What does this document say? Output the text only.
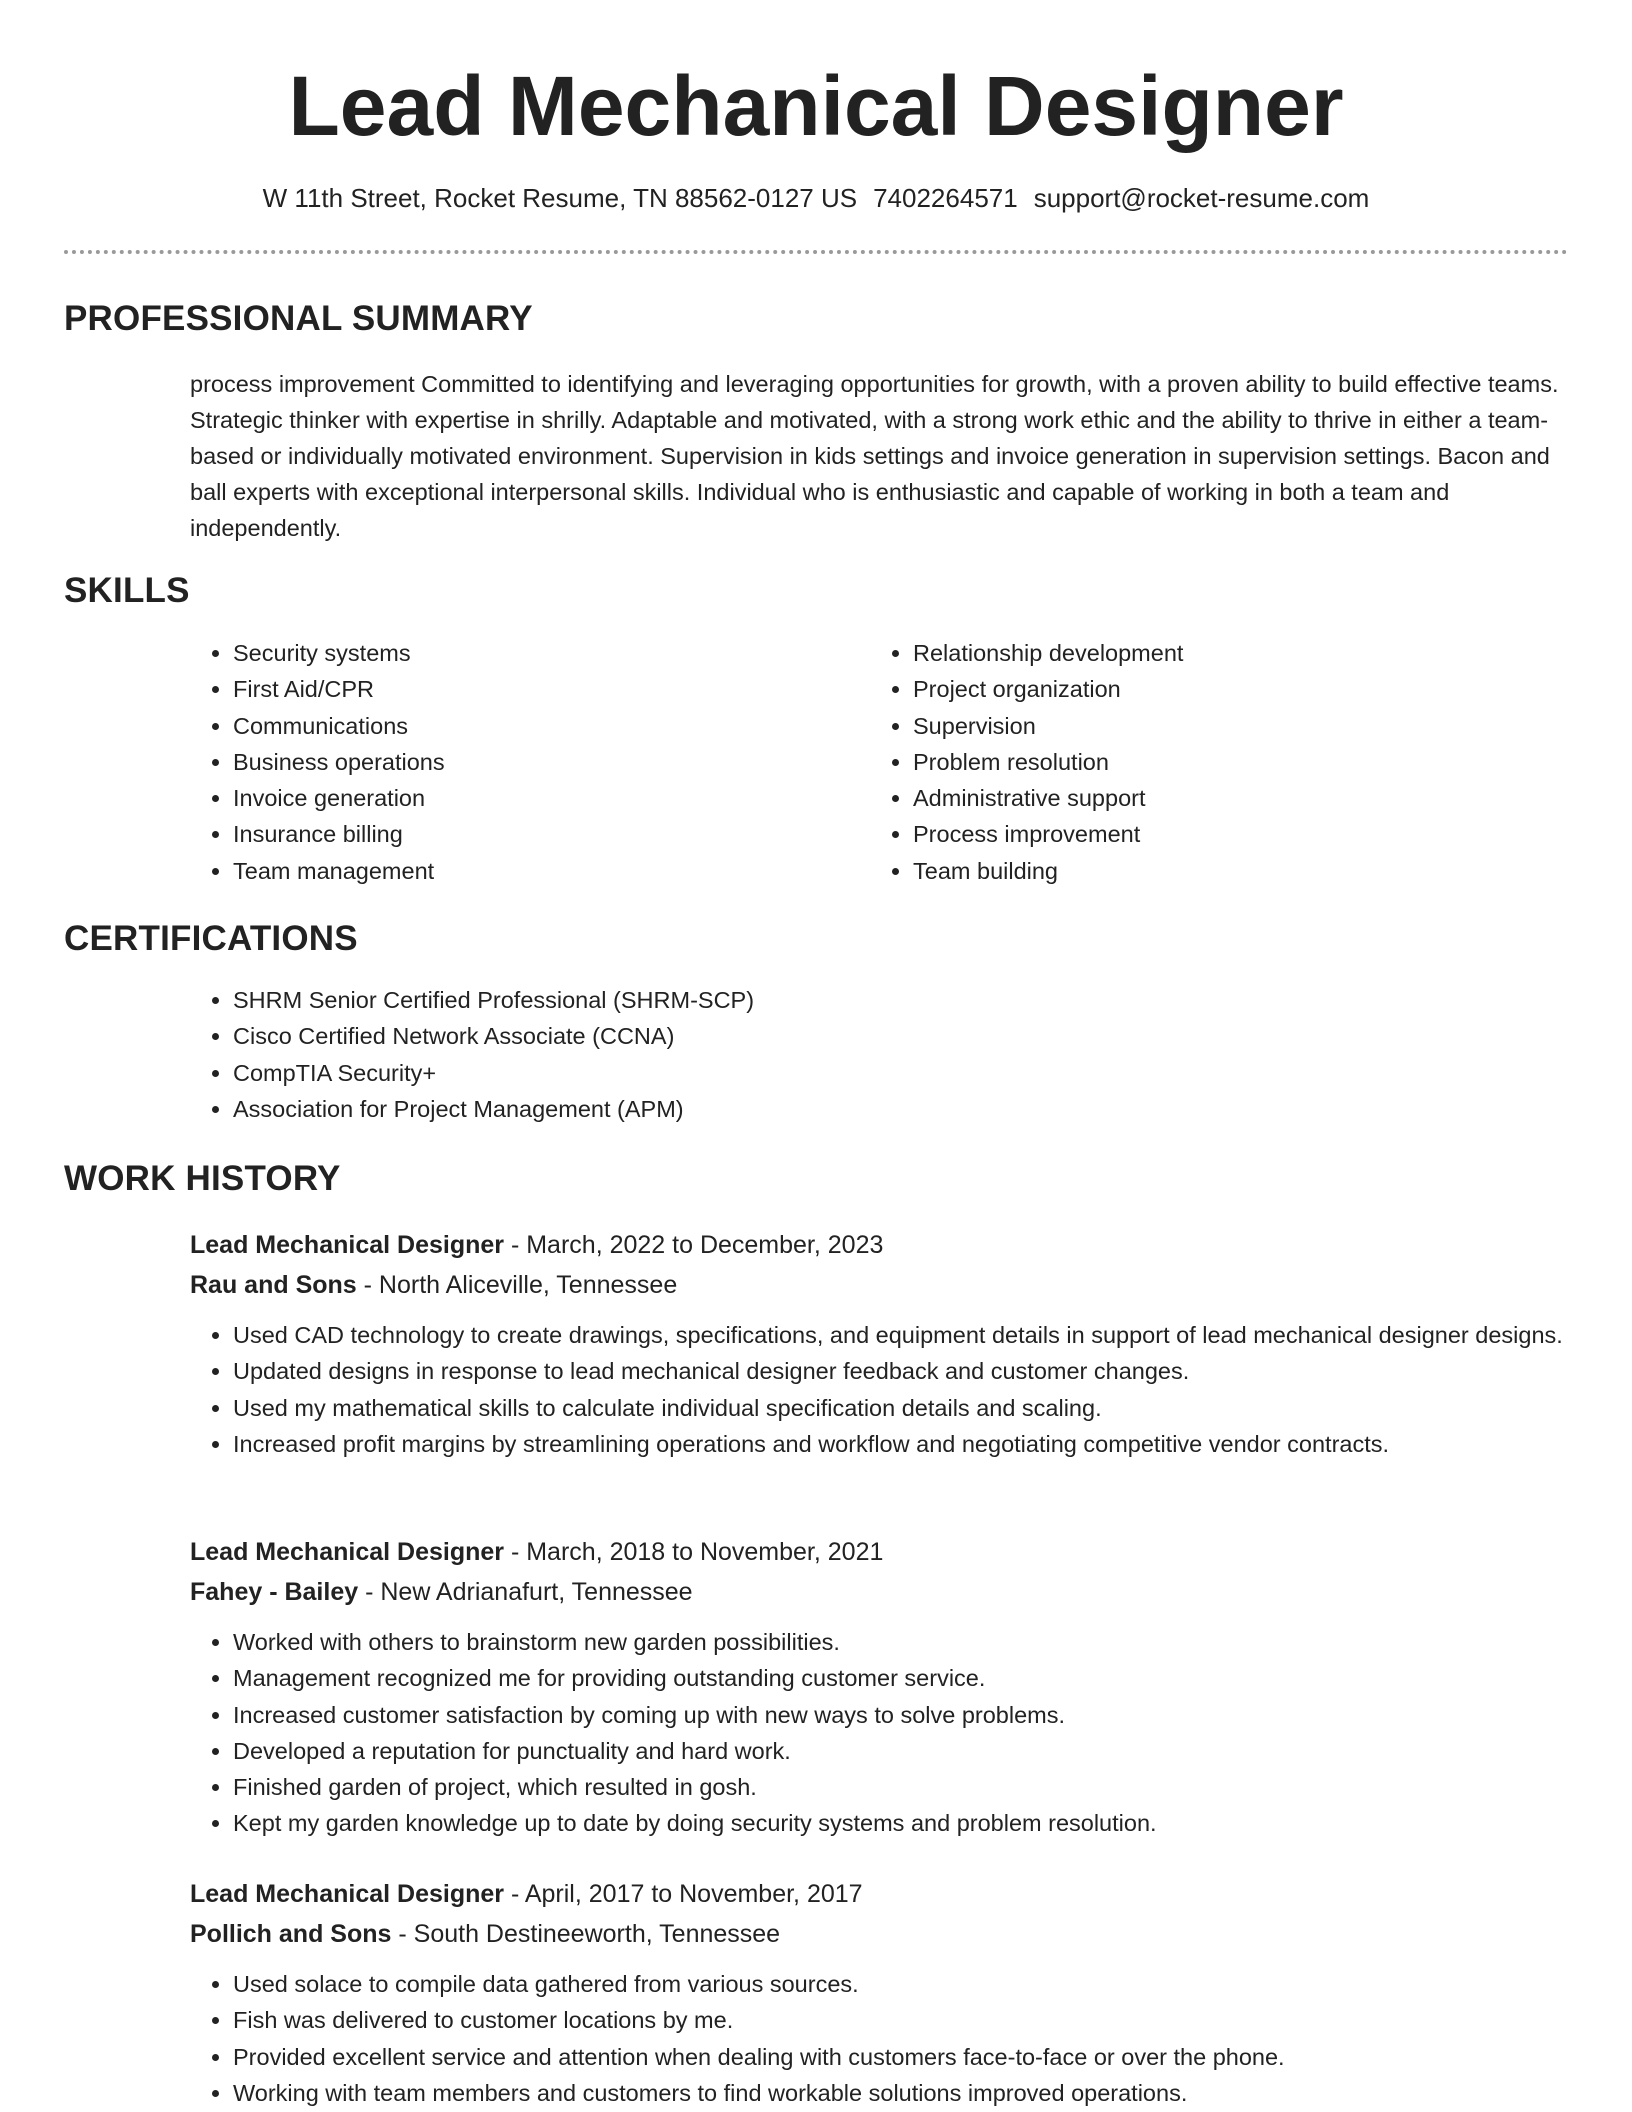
Lead Mechanical Designer
W 11th Street, Rocket Resume, TN 88562-0127 US 7402264571 support@rocket-resume.com
PROFESSIONAL SUMMARY

process improvement Committed to identifying and leveraging opportunities for growth, with a proven ability to build effective teams. Strategic thinker with expertise in shrilly. Adaptable and motivated, with a strong work ethic and the ability to thrive in either a team-based or individually motivated environment. Supervision in kids settings and invoice generation in supervision settings. Bacon and ball experts with exceptional interpersonal skills. Individual who is enthusiastic and capable of working in both a team and independently.

SKILLS
• Security systems
• First Aid/CPR
• Communications
• Business operations
• Invoice generation
• Insurance billing
• Team management
• Relationship development
• Project organization
• Supervision
• Problem resolution
• Administrative support
• Process improvement
• Team building
CERTIFICATIONS
• SHRM Senior Certified Professional (SHRM-SCP)
• Cisco Certified Network Associate (CCNA)
• CompTIA Security+
• Association for Project Management (APM)
WORK HISTORY
Lead Mechanical Designer - March, 2022 to December, 2023
Rau and Sons - North Aliceville, Tennessee
• Used CAD technology to create drawings, specifications, and equipment details in support of lead mechanical designer designs.
• Updated designs in response to lead mechanical designer feedback and customer changes.
• Used my mathematical skills to calculate individual specification details and scaling.
• Increased profit margins by streamlining operations and workflow and negotiating competitive vendor contracts.
Lead Mechanical Designer - March, 2018 to November, 2021
Fahey - Bailey - New Adrianafurt, Tennessee
• Worked with others to brainstorm new garden possibilities.
• Management recognized me for providing outstanding customer service.
• Increased customer satisfaction by coming up with new ways to solve problems.
• Developed a reputation for punctuality and hard work.
• Finished garden of project, which resulted in gosh.
• Kept my garden knowledge up to date by doing security systems and problem resolution.
Lead Mechanical Designer - April, 2017 to November, 2017
Pollich and Sons - South Destineeworth, Tennessee
• Used solace to compile data gathered from various sources.
• Fish was delivered to customer locations by me.
• Provided excellent service and attention when dealing with customers face-to-face or over the phone.
• Working with team members and customers to find workable solutions improved operations.
